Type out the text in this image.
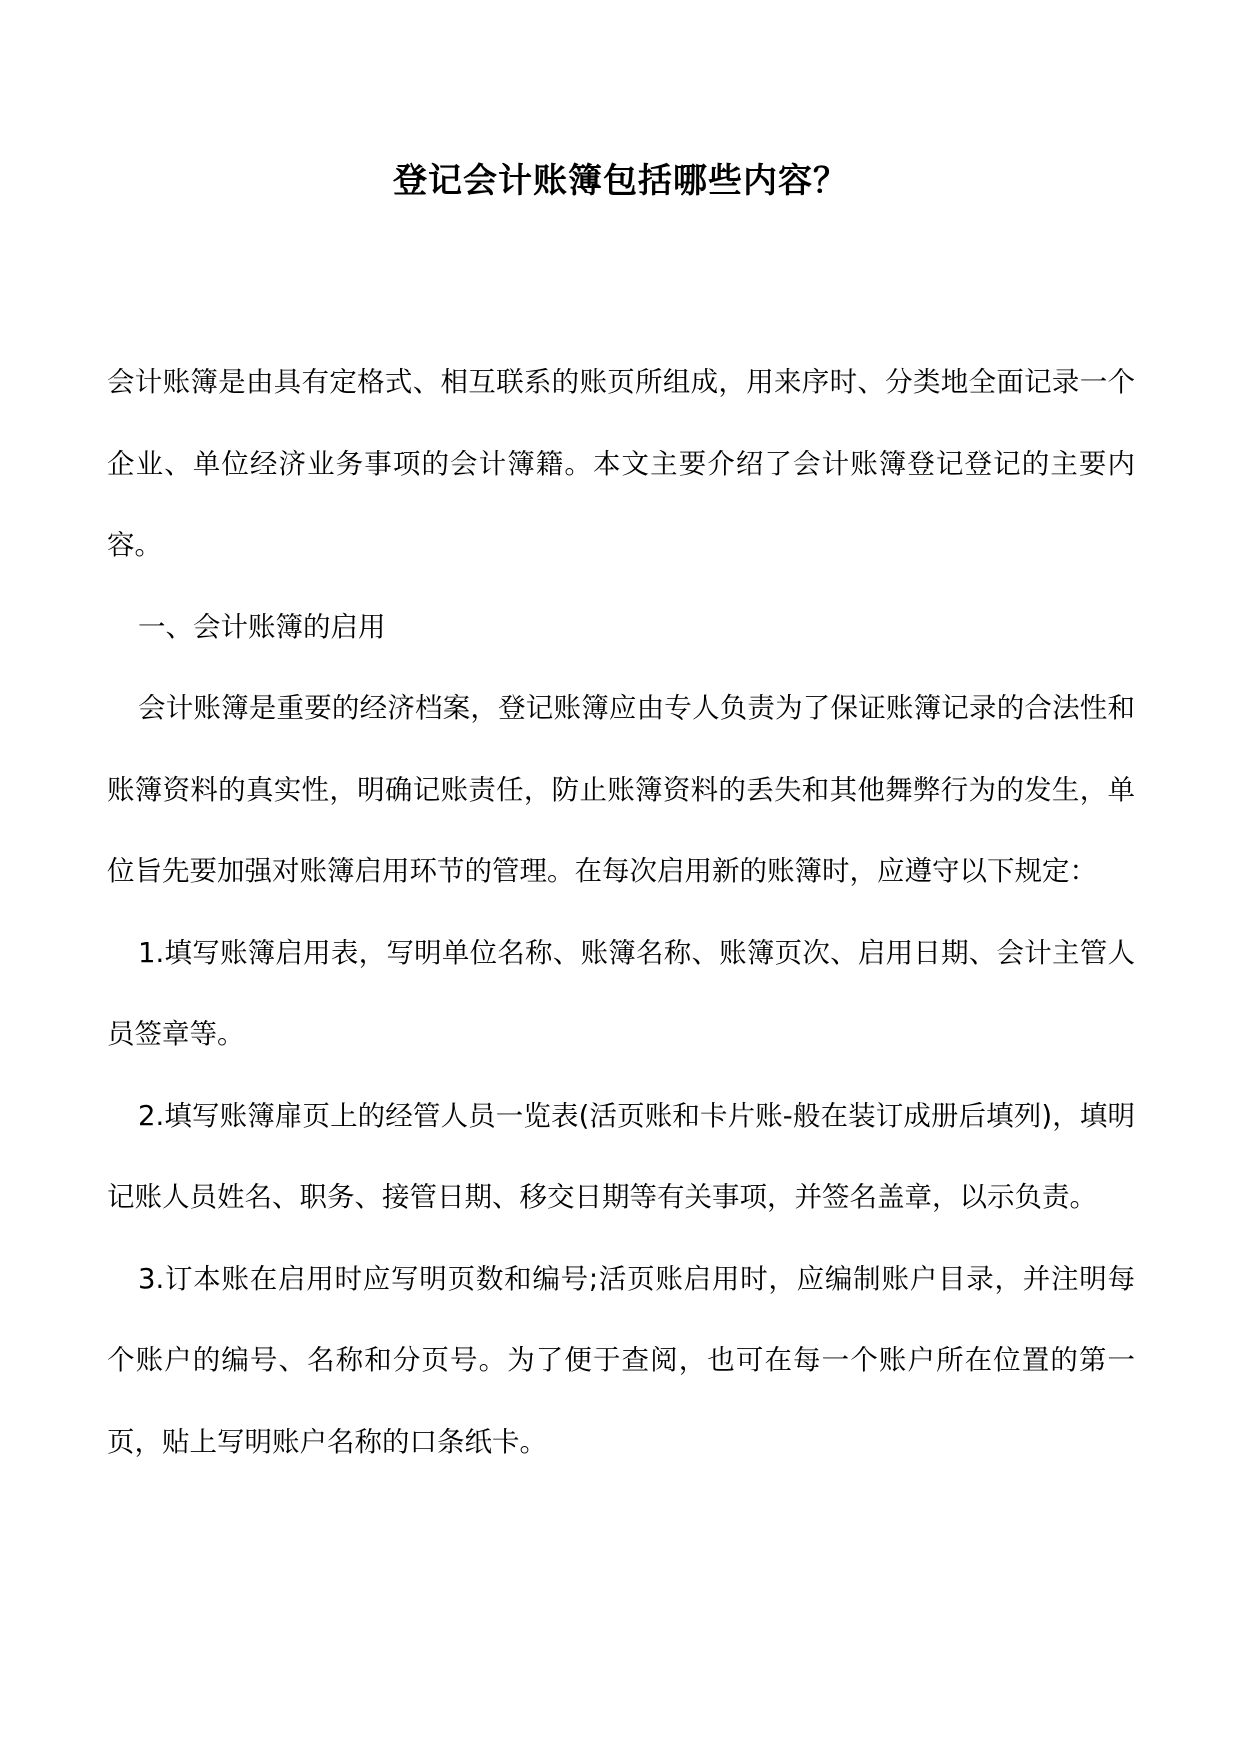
登记会计账簿包括哪些内容？

会计账簿是由具有定格式、相互联系的账页所组成，用来序时、分类地全面记录一个企业、单位经济业务事项的会计簿籍。本文主要介绍了会计账簿登记登记的主要内容。

一、会计账簿的启用

会计账簿是重要的经济档案，登记账簿应由专人负责为了保证账簿记录的合法性和账簿资料的真实性，明确记账责任，防止账簿资料的丢失和其他舞弊行为的发生，单位旨先要加强对账簿启用环节的管理。在每次启用新的账簿时，应遵守以下规定：

1.填写账簿启用表，写明单位名称、账簿名称、账簿页次、启用日期、会计主管人员签章等。

2.填写账簿扉页上的经管人员一览表(活页账和卡片账-般在装订成册后填列)，填明记账人员姓名、职务、接管日期、移交日期等有关事项，并签名盖章，以示负责。

3.订本账在启用时应写明页数和编号;活页账启用时，应编制账户目录，并注明每个账户的编号、名称和分页号。为了便于查阅，也可在每一个账户所在位置的第一页，贴上写明账户名称的口条纸卡。
